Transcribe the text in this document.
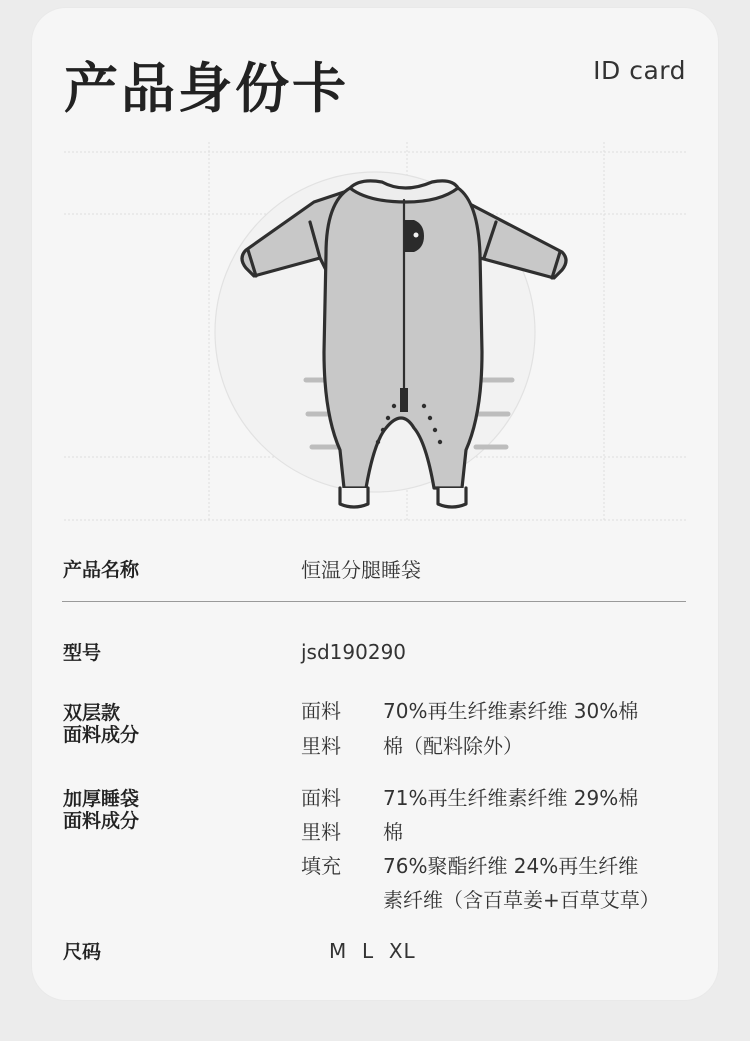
产品身份卡	ID card
产品名称	恒温分腿睡袋
型号	jsd190290
双层款
面料成分
面料 70%再生纤维素纤维 30%棉
里料 棉（配料除外）
加厚睡袋
面料成分
面料 71%再生纤维素纤维 29%棉
里料 棉
填充 76%聚酯纤维 24%再生纤维
素纤维（含百草姜+百草艾草）
尺码	M  L  XL
